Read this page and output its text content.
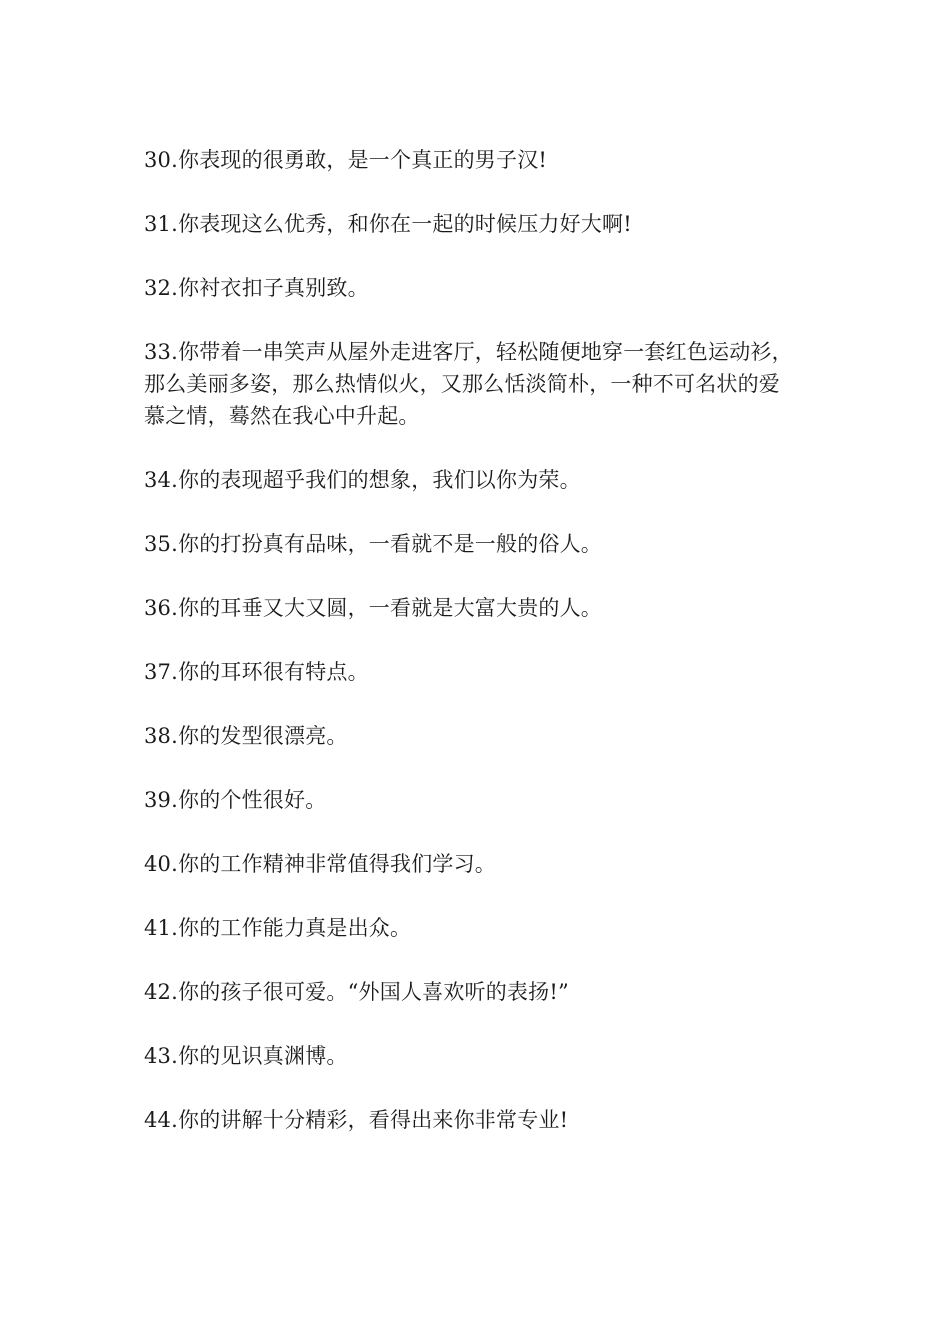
30.你表现的很勇敢，是一个真正的男子汉!

31.你表现这么优秀，和你在一起的时候压力好大啊!

32.你衬衣扣子真别致。

33.你带着一串笑声从屋外走进客厅，轻松随便地穿一套红色运动衫，那么美丽多姿，那么热情似火，又那么恬淡简朴，一种不可名状的爱慕之情，蓦然在我心中升起。

34.你的表现超乎我们的想象，我们以你为荣。

35.你的打扮真有品味，一看就不是一般的俗人。

36.你的耳垂又大又圆，一看就是大富大贵的人。

37.你的耳环很有特点。

38.你的发型很漂亮。

39.你的个性很好。

40.你的工作精神非常值得我们学习。

41.你的工作能力真是出众。

42.你的孩子很可爱。“外国人喜欢听的表扬!”

43.你的见识真渊博。

44.你的讲解十分精彩，看得出来你非常专业!
